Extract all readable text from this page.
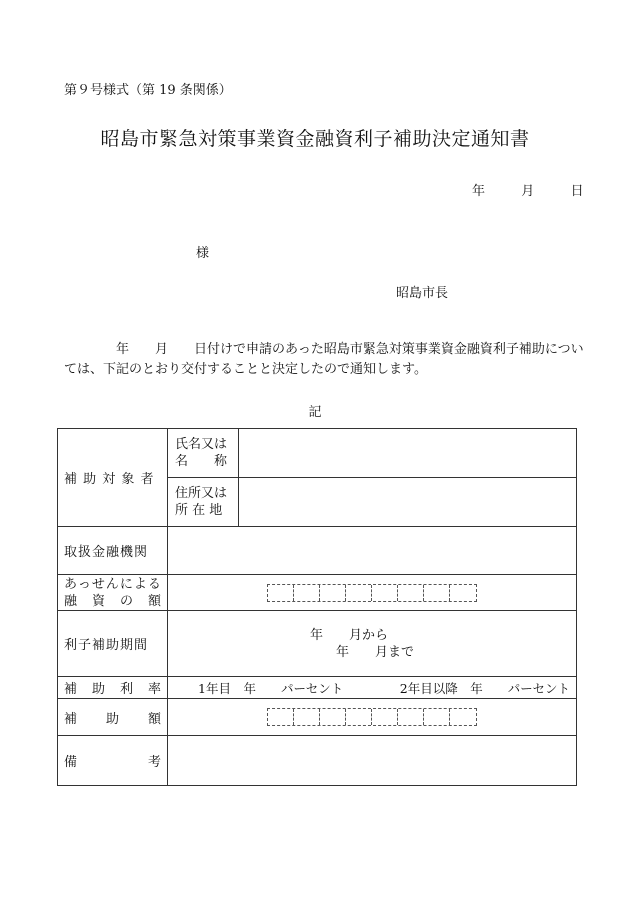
第９号様式（第 19 条関係）
昭島市緊急対策事業資金融資利子補助決定通知書
年	月	日
様
昭島市長
　　　　年　　月　　日付けで申請のあった昭島市緊急対策事業資金融資利子補助については、下記のとおり交付することと決定したので通知します。
記
補 助 対 象 者	氏名又は
名　　称	

	住所又は
所 在 地	

取扱金融機関		

あっせんによる
融　資　の　額		

利子補助期間	年　　月から
年　　月まで	

補　助　利　率	1年目　 年　　パーセント 2年目以降　 年　　パーセント	

補　　助　　額		

備　　　　　考		
